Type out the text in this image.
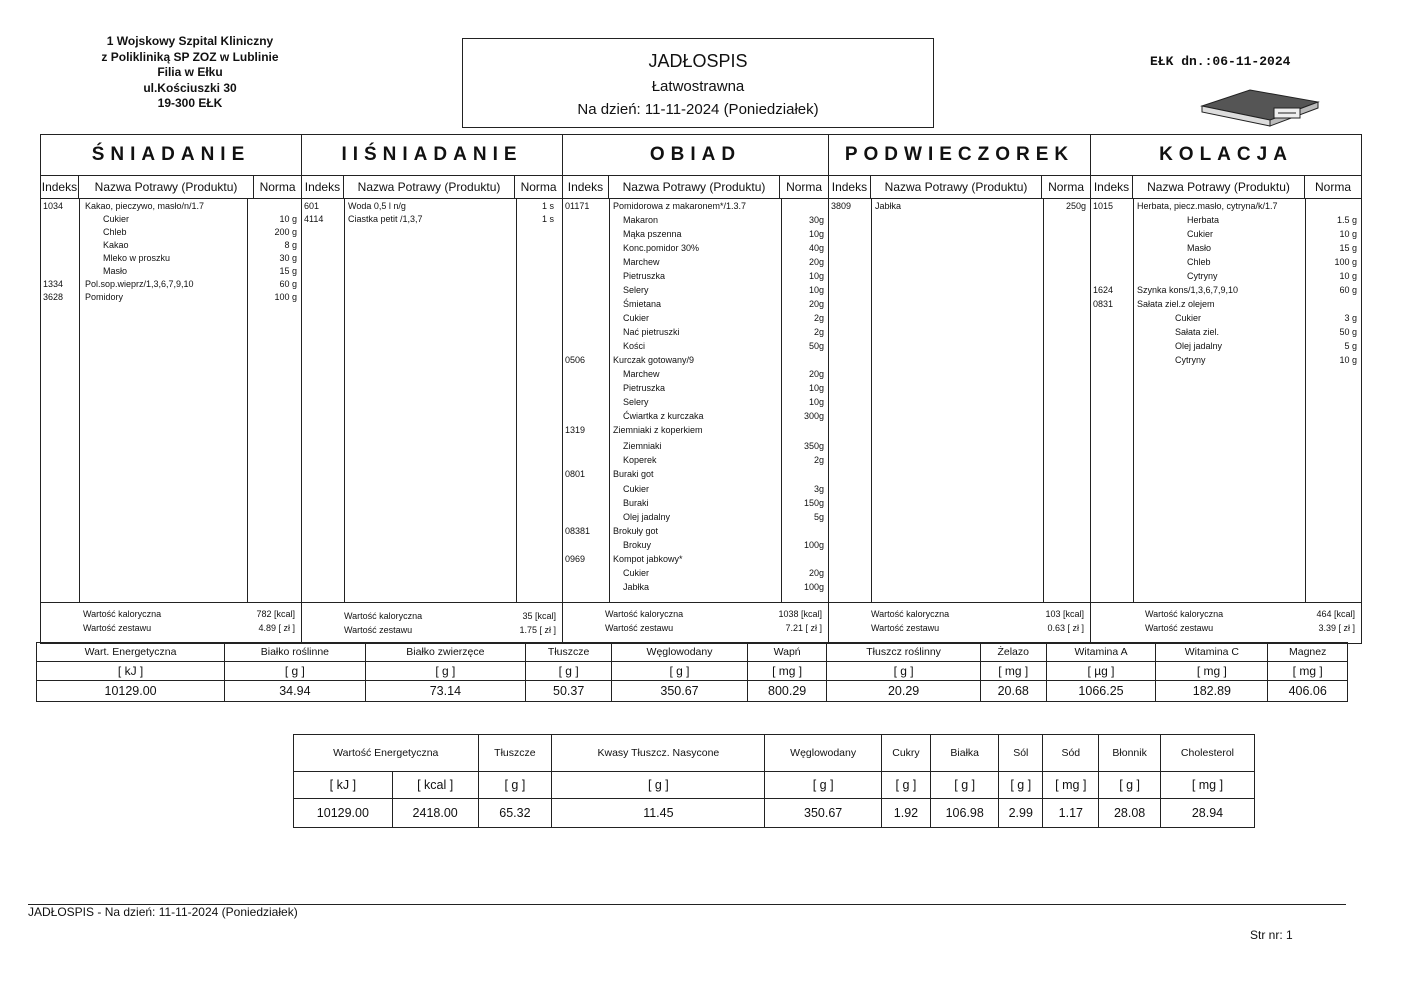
1 Wojskowy Szpital Kliniczny
z Polikliniką SP ZOZ w Lublinie
Filia w Ełku
ul.Kościuszki 30
19-300 EŁK
JADŁOSPIS
Łatwostrawna
Na dzień: 11-11-2024 (Poniedziałek)
EŁK dn.:06-11-2024
ŚNIADANIE
Indeks	Nazwa Potrawy (Produktu)	Norma
1034 Kakao, pieczywo, masło/n/1.7
Cukier	10 g
Chleb	200 g
Kakao	8 g
Mleko w proszku	30 g
Masło	15 g
1334 Pol.sop.wieprz/1,3,6,7,9,10	60 g
3628 Pomidory	100 g
Wartość kaloryczna	782 [kcal]
Wartość zestawu	4.89 [ zł ]
IIŚNIADANIE
Indeks	Nazwa Potrawy (Produktu)	Norma
601	Woda 0,5 l n/g	1 s
4114	Ciastka petit /1,3,7	1 s
Wartość kaloryczna	35 [kcal]
Wartość zestawu	1.75 [ zł ]
OBIAD
Indeks	Nazwa Potrawy (Produktu)	Norma
01171	Pomidorowa z makaronem*/1.3.7
Makaron	30g
Mąka pszenna	10g
Konc.pomidor 30%	40g
Marchew	20g
Pietruszka	10g
Selery	10g
Śmietana	20g
Cukier	2g
Nać pietruszki	2g
Kości	50g
0506	Kurczak gotowany/9
Marchew	20g
Pietruszka	10g
Selery	10g
Ćwiartka z kurczaka	300g
1319	Ziemniaki z koperkiem
Ziemniaki	350g
Koperek	2g
0801	Buraki got
Cukier	3g
Buraki	150g
Olej jadalny	5g
08381	Brokuły got
Brokuy	100g
0969	Kompot jabkowy*
Cukier	20g
Jabłka	100g
Wartość kaloryczna	1038 [kcal]
Wartość zestawu	7.21 [ zł ]
PODWIECZOREK
Indeks	Nazwa Potrawy (Produktu)	Norma
3809	Jabłka	250g
Wartość kaloryczna	103 [kcal]
Wartość zestawu	0.63 [ zł ]
KOLACJA
Indeks	Nazwa Potrawy (Produktu)	Norma
1015	Herbata, piecz.masło, cytryna/k/1.7
Herbata	1.5 g
Cukier	10 g
Masło	15 g
Chleb	100 g
Cytryny	10 g
1624	Szynka kons/1,3,6,7,9,10	60 g
0831	Sałata ziel.z olejem
Cukier	3 g
Sałata ziel.	50 g
Olej jadalny	5 g
Cytryny	10 g
Wartość kaloryczna	464 [kcal]
Wartość zestawu	3.39 [ zł ]
Wart. Energetyczna	Białko roślinne	Białko zwierzęce	Tłuszcze	Węglowodany	Wapń	Tłuszcz roślinny	Żelazo	Witamina A	Witamina C	Magnez
[ kJ ]	[ g ]	[ g ]	[ g ]	[ g ]	[ mg ]	[ g ]	[ mg ]	[ µg ]	[ mg ]	[ mg ]
10129.00	34.94	73.14	50.37	350.67	800.29	20.29	20.68	1066.25	182.89	406.06
Wartość Energetyczna		Tłuszcze	Kwasy Tłuszcz. Nasycone	Węglowodany	Cukry	Białka	Sól	Sód	Błonnik	Cholesterol
[ kJ ]	[ kcal ]	[ g ]	[ g ]	[ g ]	[ g ]	[ g ]	[ g ]	[ mg ]	[ g ]	[ mg ]
10129.00	2418.00	65.32	11.45	350.67	1.92	106.98	2.99	1.17	28.08	28.94
JADŁOSPIS - Na dzień: 11-11-2024 (Poniedziałek)
Str nr: 1
